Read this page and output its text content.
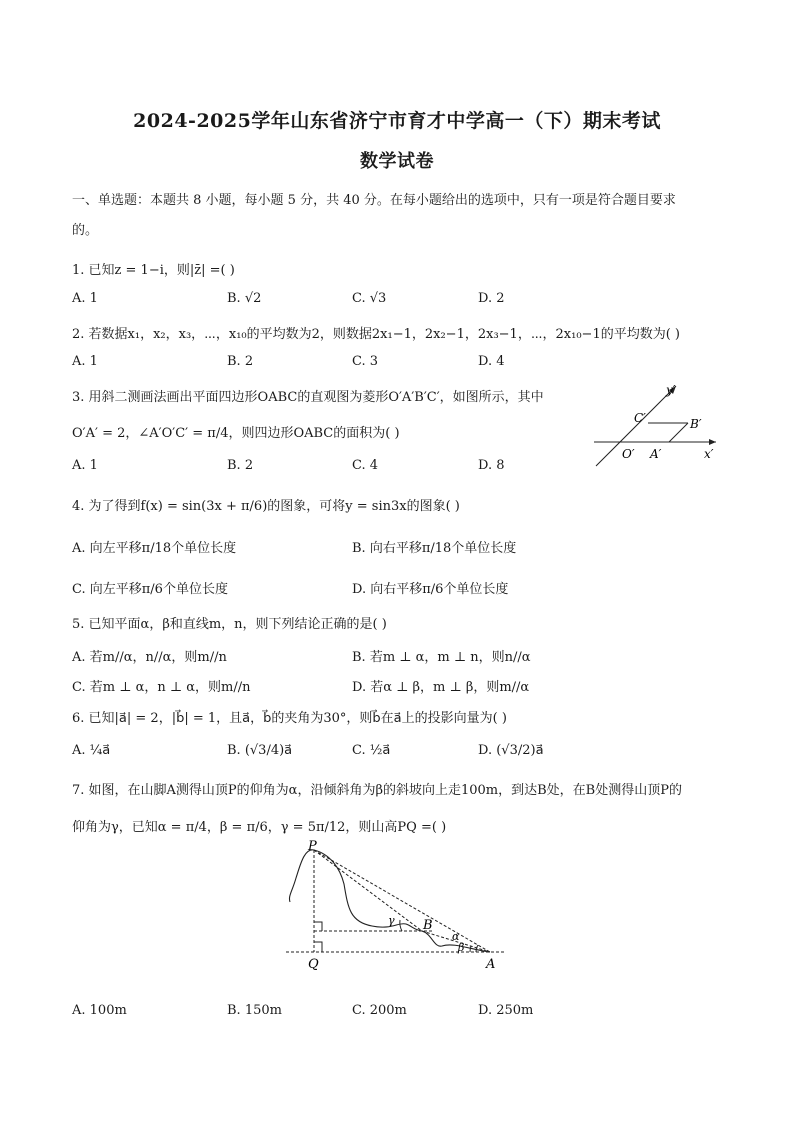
2024-2025学年山东省济宁市育才中学高一（下）期末考试
数学试卷
一、单选题：本题共 8 小题，每小题 5 分，共 40 分。在每小题给出的选项中，只有一项是符合题目要求
的。
1. 已知z = 1−i，则|z̄| =( )
A. 1	B. √2	C. √3	D. 2
2. 若数据x₁，x₂，x₃，⋯，x₁₀的平均数为2，则数据2x₁−1，2x₂−1，2x₃−1，⋯，2x₁₀−1的平均数为( )
A. 1	B. 2	C. 3	D. 4
3. 用斜二测画法画出平面四边形OABC的直观图为菱形O′A′B′C′，如图所示，其中
O′A′ = 2，∠A′O′C′ = π/4，则四边形OABC的面积为( )
A. 1	B. 2	C. 4	D. 8
y′
x′
O′ A′
B′
C′
4. 为了得到f(x) = sin(3x + π/6)的图象，可将y = sin3x的图象( )
A. 向左平移π/18个单位长度	B. 向右平移π/18个单位长度
C. 向左平移π/6个单位长度	D. 向右平移π/6个单位长度
5. 已知平面α，β和直线m，n，则下列结论正确的是( )
A. 若m//α，n//α，则m//n	B. 若m ⊥ α，m ⊥ n，则n//α
C. 若m ⊥ α，n ⊥ α，则m//n	D. 若α ⊥ β，m ⊥ β，则m//α
6. 已知|a⃗| = 2，|b⃗| = 1，且a⃗，b⃗的夹角为30°，则b⃗在a⃗上的投影向量为( )
A. ¼a⃗	B. (√3/4)a⃗	C. ½a⃗	D. (√3/2)a⃗
7. 如图，在山脚A测得山顶P的仰角为α，沿倾斜角为β的斜坡向上走100m，到达B处，在B处测得山顶P的
仰角为γ，已知α = π/4，β = π/6，γ = 5π/12，则山高PQ =( )
P
Q	A
B
α
β
γ
A. 100m	B. 150m	C. 200m	D. 250m
